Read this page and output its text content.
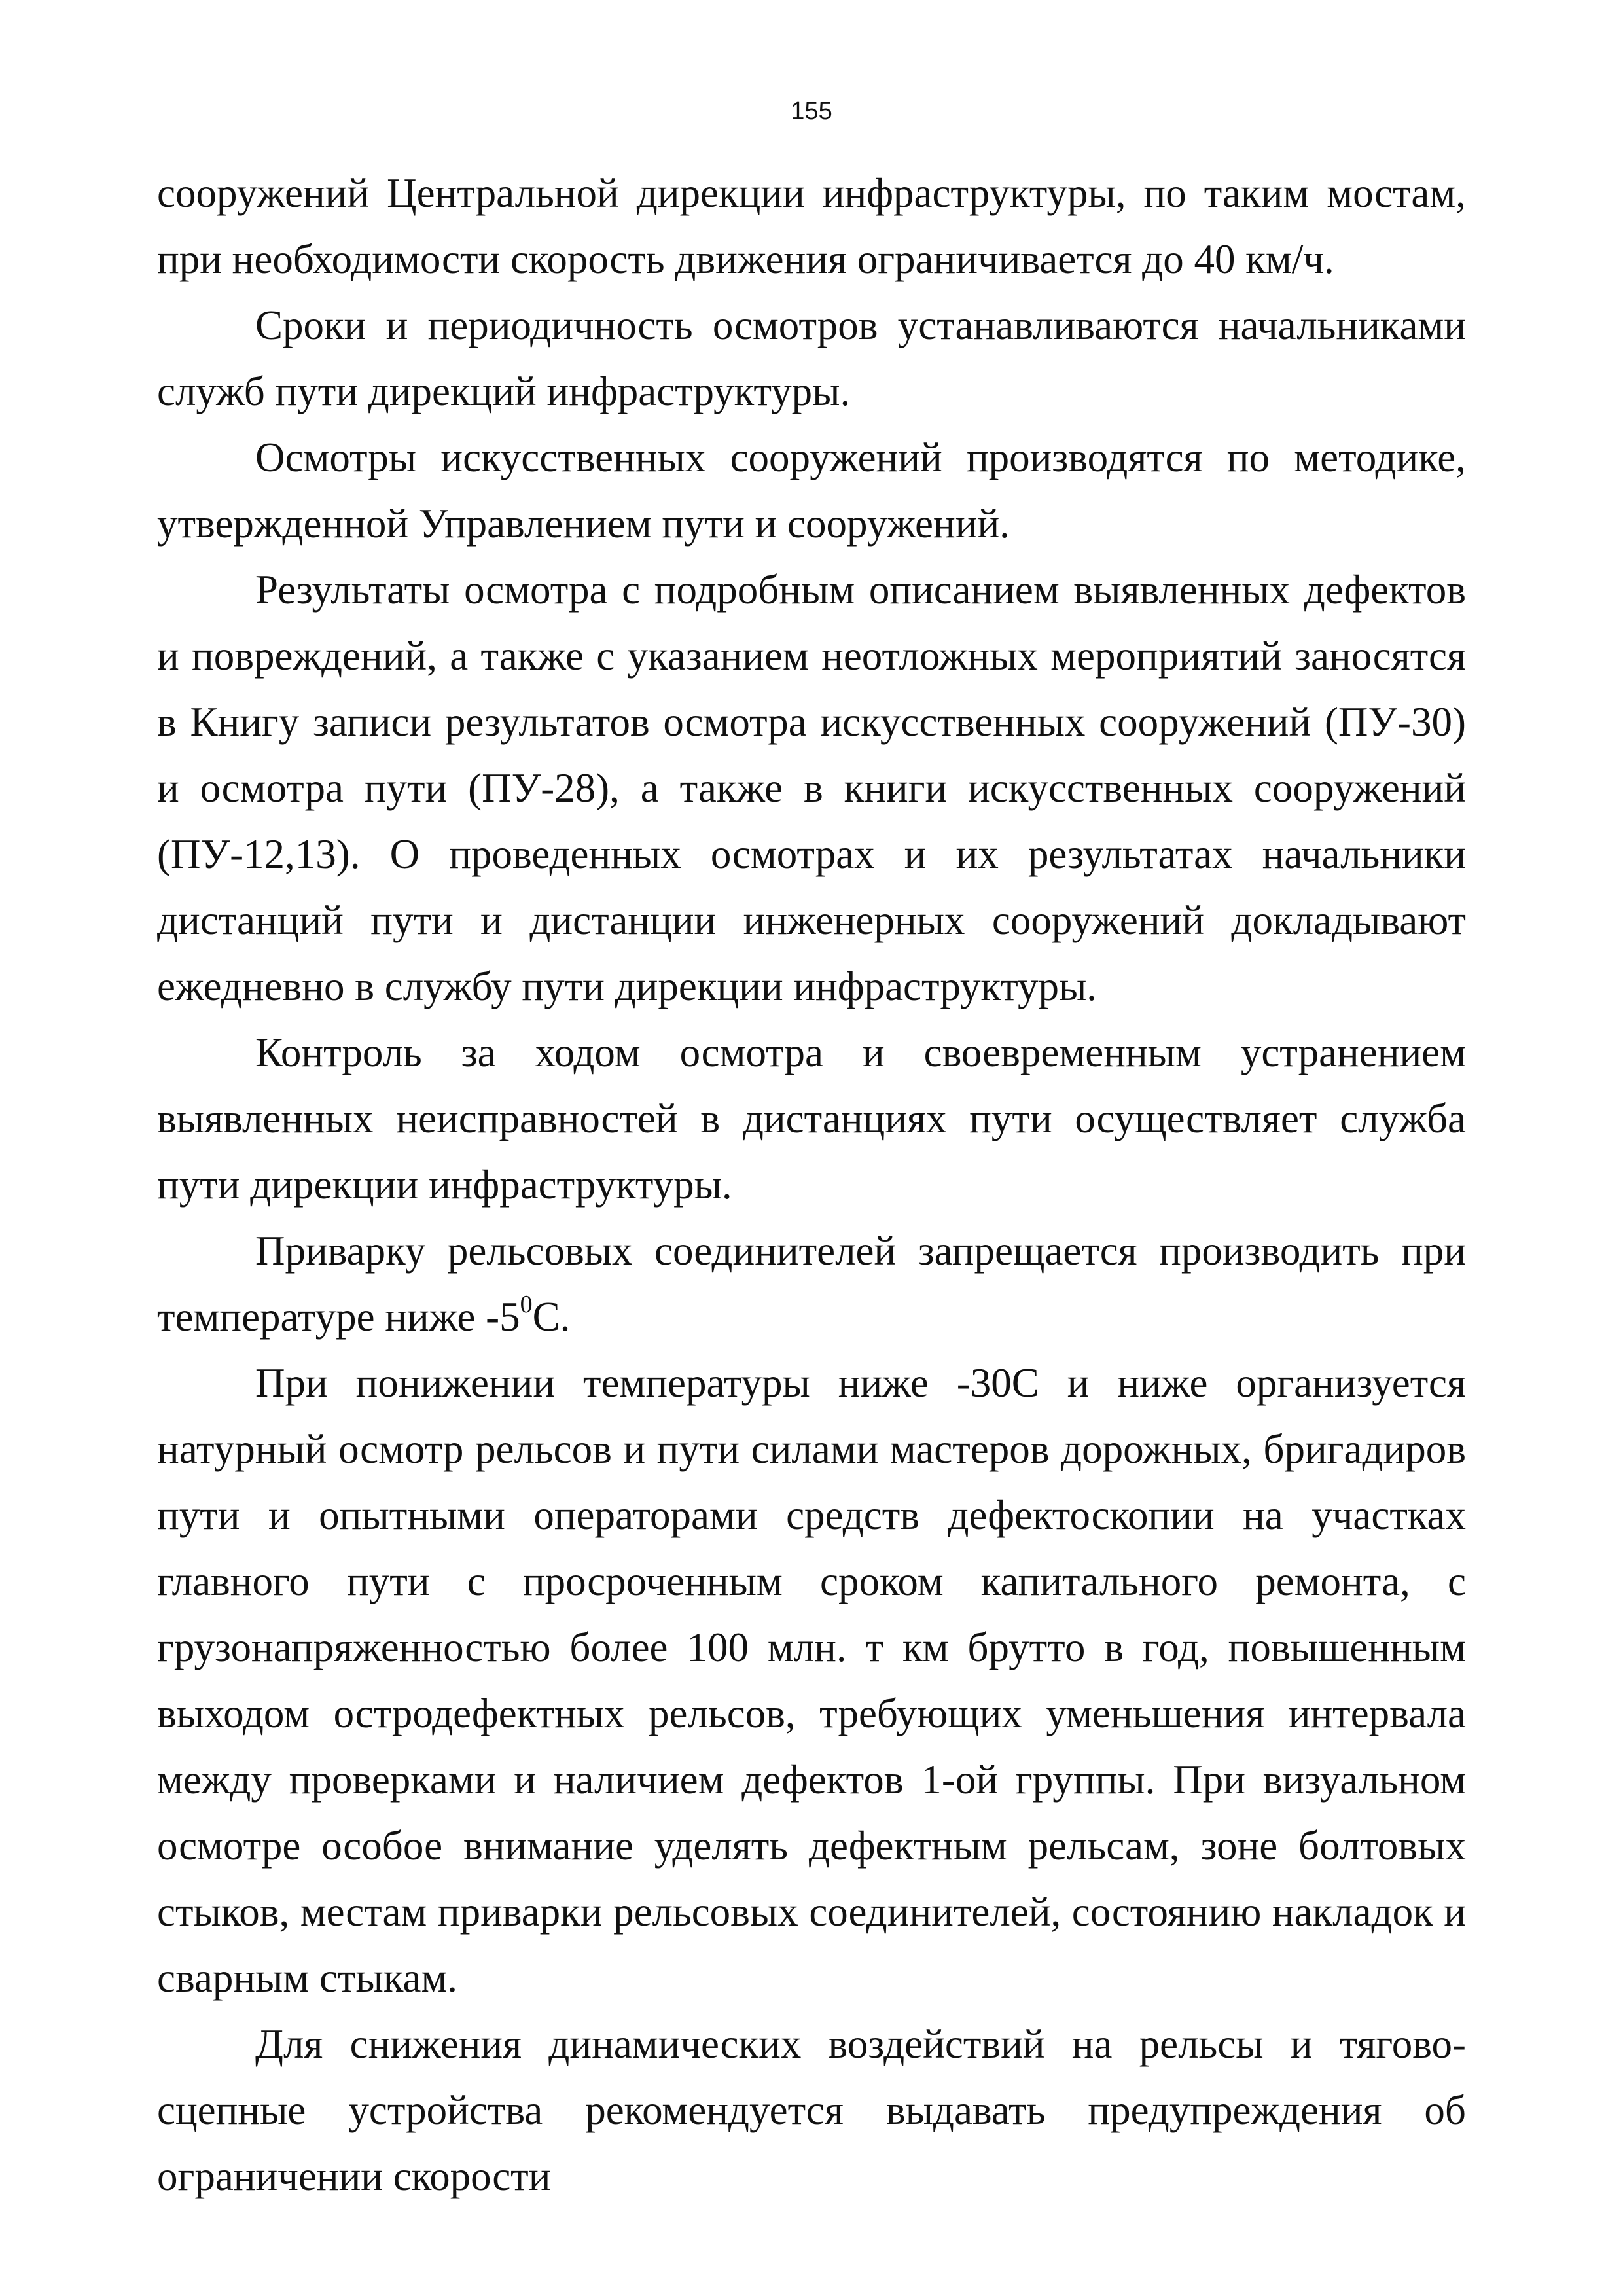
155

сооружений Центральной дирекции инфраструктуры, по таким мостам, при необходимости скорость движения ограничивается до 40 км/ч.

Сроки и периодичность осмотров устанавливаются начальниками служб пути дирекций инфраструктуры.

Осмотры искусственных сооружений производятся по методике, утвержденной Управлением пути и сооружений.

Результаты осмотра с подробным описанием выявленных дефектов и повреждений, а также с указанием неотложных мероприятий заносятся в Книгу записи результатов осмотра искусственных сооружений (ПУ-30) и осмотра пути (ПУ-28), а также в книги искусственных сооружений (ПУ-12,13). О проведенных осмотрах и их результатах начальники дистанций пути и дистанции инженерных сооружений докладывают ежедневно в службу пути дирекции инфраструктуры.

Контроль за ходом осмотра и своевременным устранением выявленных неисправностей в дистанциях пути осуществляет служба пути дирекции инфраструктуры.

Приварку рельсовых соединителей запрещается производить при температуре ниже $-5^0С$.

При понижении температуры ниже -30С и ниже организуется натурный осмотр рельсов и пути силами мастеров дорожных, бригадиров пути и опытными операторами средств дефектоскопии на участках главного пути с просроченным сроком капитального ремонта, с грузонапряженностью более 100 млн. т км брутто в год, повышенным выходом остродефектных рельсов, требующих уменьшения интервала между проверками и наличием дефектов 1-ой группы. При визуальном осмотре особое внимание уделять дефектным рельсам, зоне болтовых стыков, местам приварки рельсовых соединителей, состоянию накладок и сварным стыкам.

Для снижения динамических воздействий на рельсы и тягово-сцепные устройства рекомендуется выдавать предупреждения об ограничении скорости
